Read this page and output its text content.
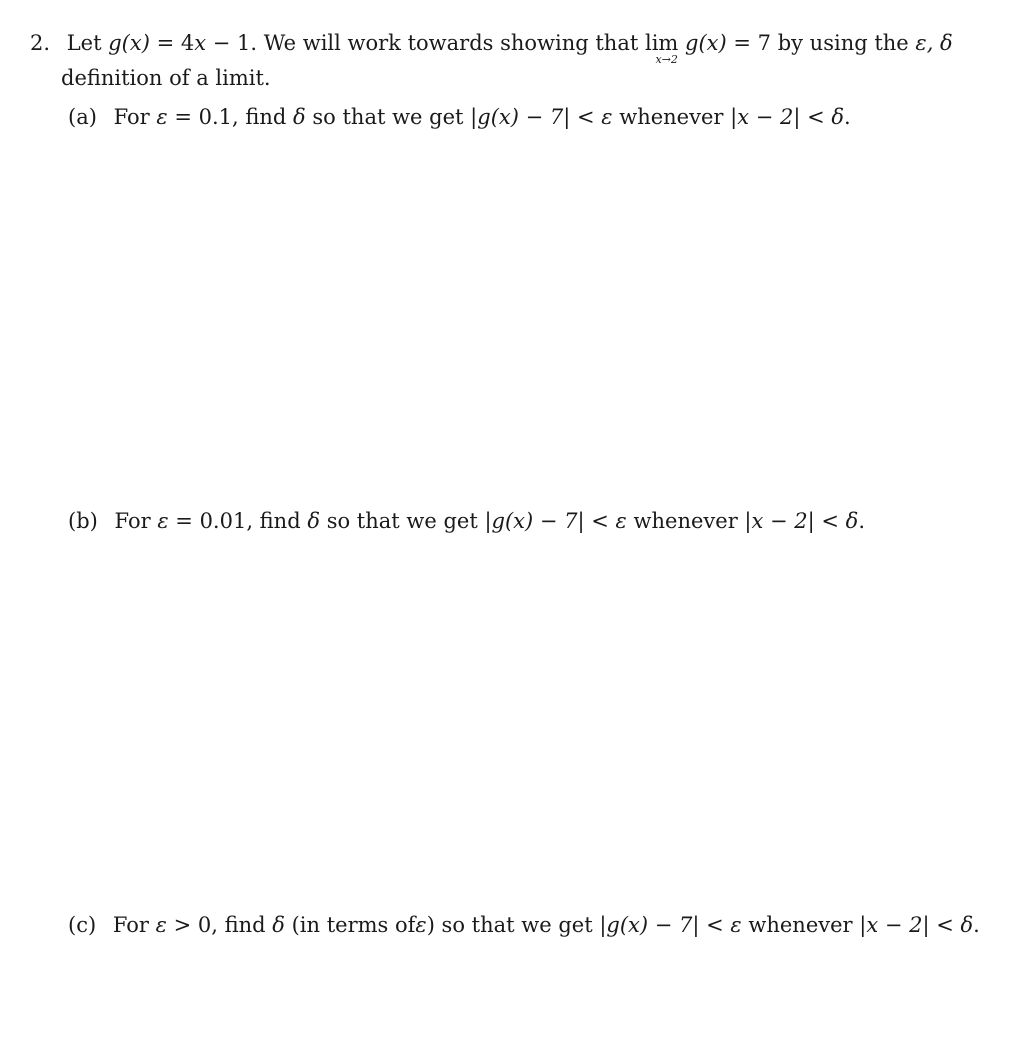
2. Let g(x) = 4x − 1. We will work towards showing that lim
x→2
g(x) = 7 by using the ε, δ
definition of a limit.
(a) For ε = 0.1, find δ so that we get |g(x) − 7| < ε whenever |x − 2| < δ.
(b) For ε = 0.01, find δ so that we get |g(x) − 7| < ε whenever |x − 2| < δ.
(c) For ε > 0, find δ (in terms ofε) so that we get |g(x) − 7| < ε whenever |x − 2| < δ.
